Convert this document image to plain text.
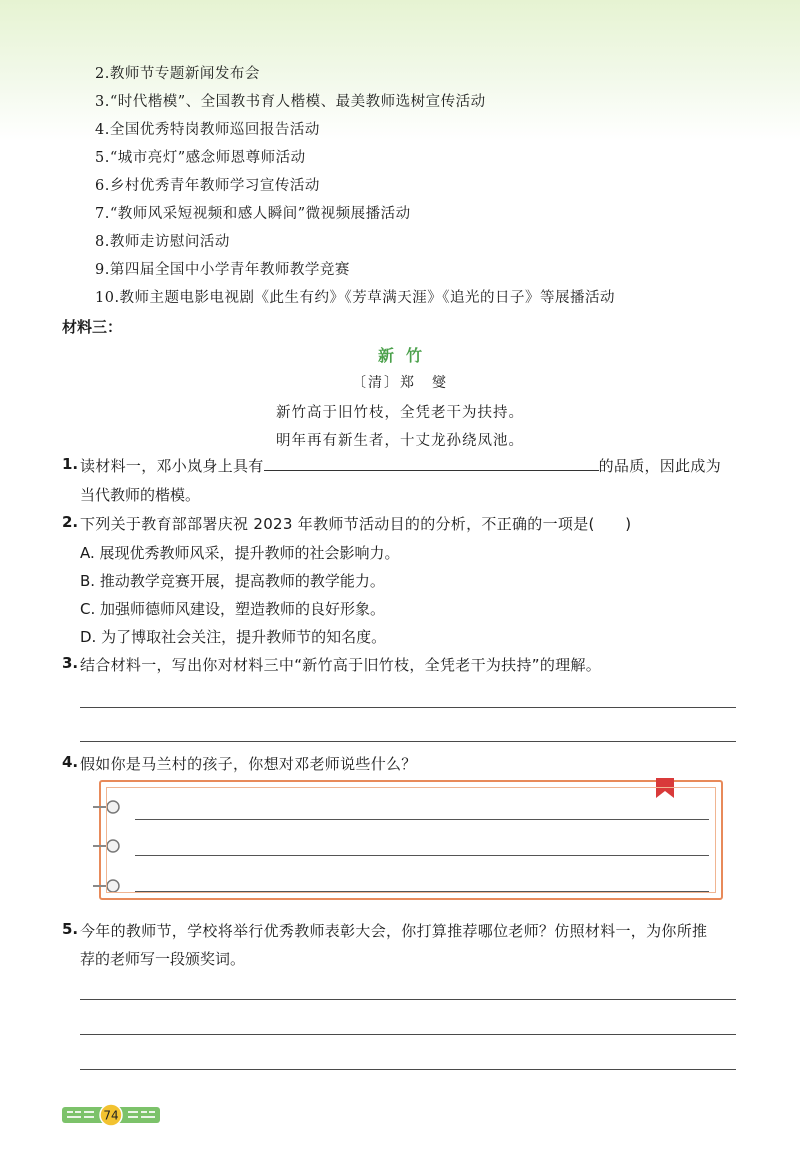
2.教师节专题新闻发布会
3.“时代楷模”、全国教书育人楷模、最美教师选树宣传活动
4.全国优秀特岗教师巡回报告活动
5.“城市亮灯”感念师恩尊师活动
6.乡村优秀青年教师学习宣传活动
7.“教师风采短视频和感人瞬间”微视频展播活动
8.教师走访慰问活动
9.第四届全国中小学青年教师教学竞赛
10.教师主题电影电视剧《此生有约》《芳草满天涯》《追光的日子》等展播活动
材料三：
新竹
〔清〕郑　燮
新竹高于旧竹枝，全凭老干为扶持。
明年再有新生者，十丈龙孙绕凤池。
1. 读材料一，邓小岚身上具有	的品质，因此成为
当代教师的楷模。
2. 下列关于教育部部署庆祝 2023 年教师节活动目的的分析，不正确的一项是(　　)
A. 展现优秀教师风采，提升教师的社会影响力。
B. 推动教学竞赛开展，提高教师的教学能力。
C. 加强师德师风建设，塑造教师的良好形象。
D. 为了博取社会关注，提升教师节的知名度。
3. 结合材料一，写出你对材料三中“新竹高于旧竹枝，全凭老干为扶持”的理解。
4. 假如你是马兰村的孩子，你想对邓老师说些什么？
5. 今年的教师节，学校将举行优秀教师表彰大会，你打算推荐哪位老师？仿照材料一，为你所推
荐的老师写一段颁奖词。
74
